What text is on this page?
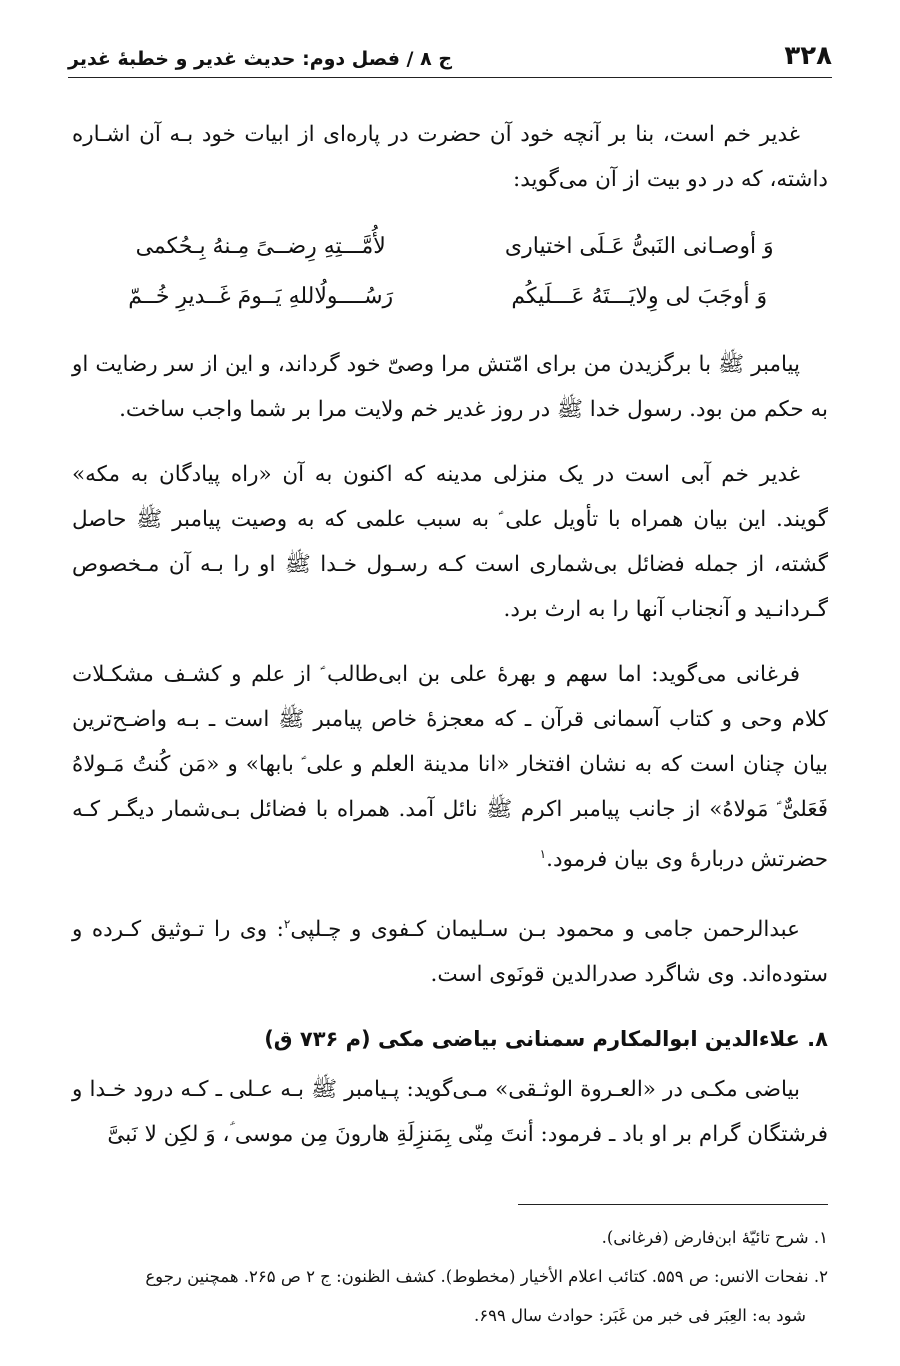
۳۲۸
ج ۸ / فصل دوم: حدیث غدیر و خطبهٔ غدیر

غدیر خم است، بنا بر آنچه خود آن حضرت در پاره‌ای از ابیات خود بـه آن اشـاره داشته، که در دو بیت از آن می‌گوید:

وَ أوصـانی النَبیُّ عَـلَی اختیاری
لأُمَّـــتِهِ رِضــیً مِـنهُ بِـحُکمی
وَ أوجَبَ لی وِلایَـــتَهُ عَـــلَیکُم
رَسُــــولُاللهِ یَــومَ غَــدیرِ خُــمّ

پیامبر ﷺ با برگزیدن من برای امّتش مرا وصیّ خود گرداند، و این از سر رضایت او به حکم من بود. رسول خدا ﷺ در روز غدیر خم ولایت مرا بر شما واجب ساخت.

غدیر خم آبی است در یک منزلی مدینه که اکنون به آن «راه پیادگان به مکه» گویند. این بیان همراه با تأویل علی ؑ به سبب علمی که به وصیت پیامبر ﷺ حاصل گشته، از جمله فضائل بی‌شماری است کـه رسـول خـدا ﷺ او را بـه آن مـخصوص گـردانـید و آنجناب آنها را به ارث برد.

فرغانی می‌گوید: اما سهم و بهرهٔ علی بن ابی‌طالب ؑ از علم و کشـف مشکـلات کلام وحی و کتاب آسمانی قرآن ـ که معجزهٔ خاص پیامبر ﷺ است ـ بـه واضـح‌ترین بیان چنان است که به نشان افتخار «انا مدینة العلم و علی ؑ بابها» و «مَن کُنتُ مَـولاهُ فَعَلیٌّ ؑ مَولاهُ» از جانب پیامبر اکرم ﷺ نائل آمد. همراه با فضائل بـی‌شمار دیگـر کـه حضرتش دربارهٔ وی بیان فرمود.$^۱$

عبدالرحمن جامی و محمود بـن سـلیمان کـفوی و چـلپی$^۲$: وی را تـوثیق کـرده و ستوده‌اند. وی شاگرد صدرالدین قونَوی است.

۸. علاءالدین ابوالمکارم سمنانی بیاضی مکی (م ۷۳۶ ق)

بیاضی مکـی در «العـروة الوثـقی» مـی‌گوید: پـیامبر ﷺ بـه عـلی ـ کـه درود خـدا و فرشتگان گرام بر او باد ـ فرمود: أنتَ مِنّی بِمَنزِلَةِ هارونَ مِن موسی ؑ، وَ لکِن لا نَبیَّ

۱. شرح تائیّهٔ ابن‌فارض (فرغانی).

۲. نفحات الانس: ص ۵۵۹. کتائب اعلام الأخیار (مخطوط). کشف الظنون: ج ۲ ص ۲۶۵. همچنین رجوع

شود به: العِبَر فی خبر من غَبَر: حوادث سال ۶۹۹.
